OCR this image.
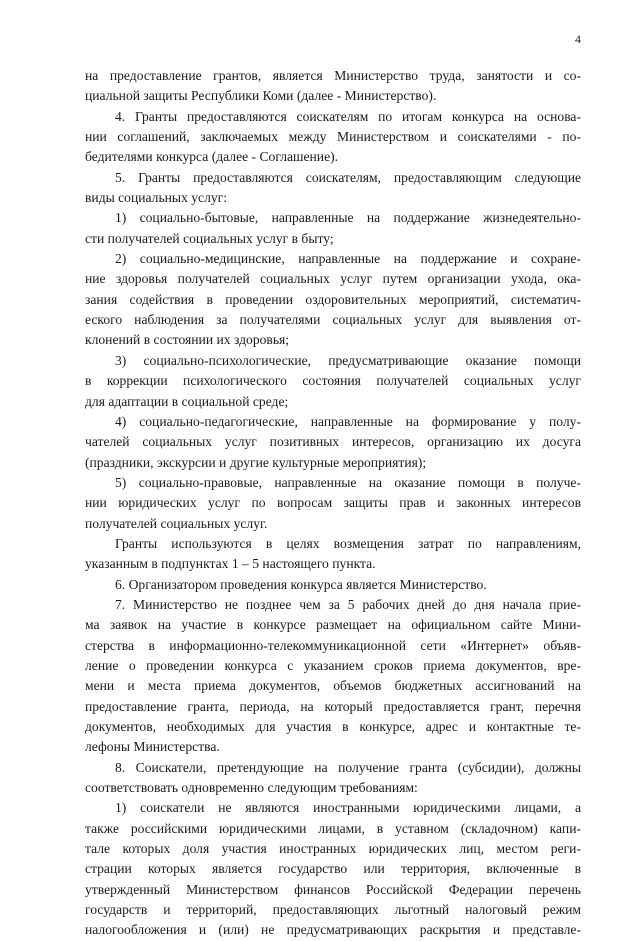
4
на предоставление грантов, является Министерство труда, занятости и со-
циальной защиты Республики Коми (далее - Министерство).
4. Гранты предоставляются соискателям по итогам конкурса на основа-
нии соглашений, заключаемых между Министерством и соискателями - по-
бедителями конкурса (далее - Соглашение).
5. Гранты предоставляются соискателям, предоставляющим следующие
виды социальных услуг:
1) социально-бытовые, направленные на поддержание жизнедеятельно-
сти получателей социальных услуг в быту;
2) социально-медицинские, направленные на поддержание и сохране-
ние здоровья получателей социальных услуг путем организации ухода, ока-
зания содействия в проведении оздоровительных мероприятий, систематич-
еского наблюдения за получателями социальных услуг для выявления от-
клонений в состоянии их здоровья;
3) социально-психологические, предусматривающие оказание помощи
в коррекции психологического состояния получателей социальных услуг
для адаптации в социальной среде;
4) социально-педагогические, направленные на формирование у полу-
чателей социальных услуг позитивных интересов, организацию их досуга
(праздники, экскурсии и другие культурные мероприятия);
5) социально-правовые, направленные на оказание помощи в получе-
нии юридических услуг по вопросам защиты прав и законных интересов
получателей социальных услуг.
Гранты используются в целях возмещения затрат по направлениям,
указанным в подпунктах 1 – 5 настоящего пункта.
6. Организатором проведения конкурса является Министерство.
7. Министерство не позднее чем за 5 рабочих дней до дня начала прие-
ма заявок на участие в конкурсе размещает на официальном сайте Мини-
стерства в информационно-телекоммуникационной сети «Интернет» объяв-
ление о проведении конкурса с указанием сроков приема документов, вре-
мени и места приема документов, объемов бюджетных ассигнований на
предоставление гранта, периода, на который предоставляется грант, перечня
документов, необходимых для участия в конкурсе, адрес и контактные те-
лефоны Министерства.
8. Соискатели, претендующие на получение гранта (субсидии), должны
соответствовать одновременно следующим требованиям:
1) соискатели не являются иностранными юридическими лицами, а
также российскими юридическими лицами, в уставном (складочном) капи-
тале которых доля участия иностранных юридических лиц, местом реги-
страции которых является государство или территория, включенные в
утвержденный Министерством финансов Российской Федерации перечень
государств и территорий, предоставляющих льготный налоговый режим
налогообложения и (или) не предусматривающих раскрытия и представле-
